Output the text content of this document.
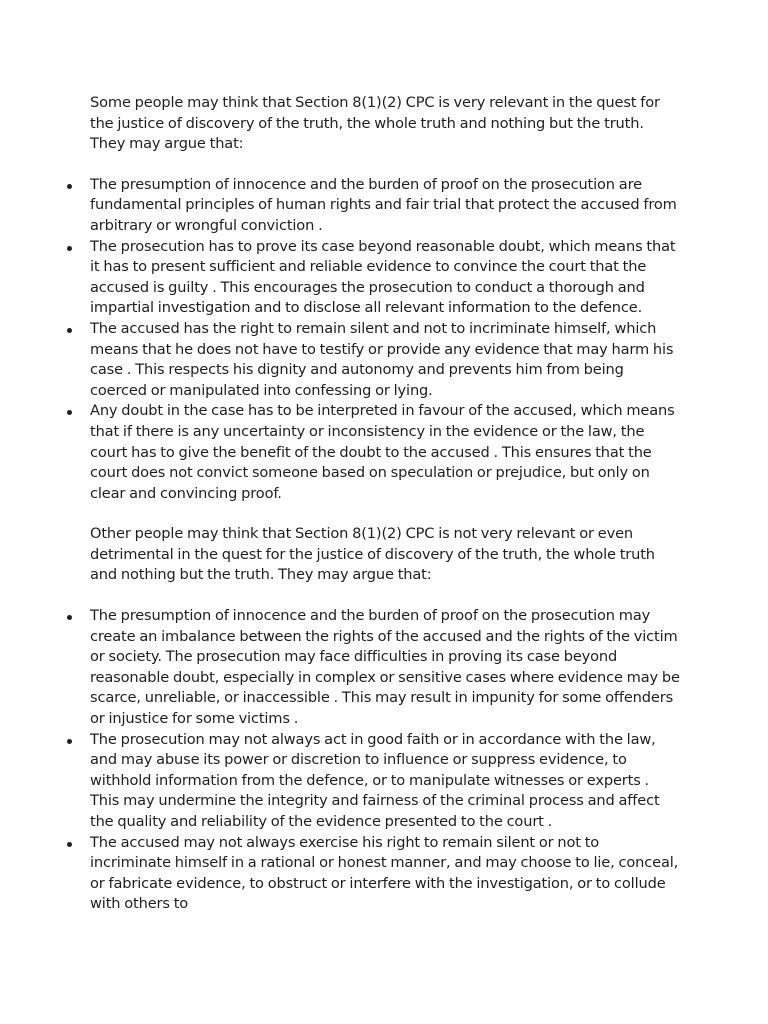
Some people may think that Section 8(1)(2) CPC is very relevant in the quest for the justice of discovery of the truth, the whole truth and nothing but the truth. They may argue that:

The presumption of innocence and the burden of proof on the prosecution are fundamental principles of human rights and fair trial that protect the accused from arbitrary or wrongful conviction .
The prosecution has to prove its case beyond reasonable doubt, which means that it has to present sufficient and reliable evidence to convince the court that the accused is guilty . This encourages the prosecution to conduct a thorough and impartial investigation and to disclose all relevant information to the defence.
The accused has the right to remain silent and not to incriminate himself, which means that he does not have to testify or provide any evidence that may harm his case . This respects his dignity and autonomy and prevents him from being coerced or manipulated into confessing or lying.
Any doubt in the case has to be interpreted in favour of the accused, which means that if there is any uncertainty or inconsistency in the evidence or the law, the court has to give the benefit of the doubt to the accused . This ensures that the court does not convict someone based on speculation or prejudice, but only on clear and convincing proof.

Other people may think that Section 8(1)(2) CPC is not very relevant or even detrimental in the quest for the justice of discovery of the truth, the whole truth and nothing but the truth. They may argue that:

The presumption of innocence and the burden of proof on the prosecution may create an imbalance between the rights of the accused and the rights of the victim or society. The prosecution may face difficulties in proving its case beyond reasonable doubt, especially in complex or sensitive cases where evidence may be scarce, unreliable, or inaccessible . This may result in impunity for some offenders or injustice for some victims .
The prosecution may not always act in good faith or in accordance with the law, and may abuse its power or discretion to influence or suppress evidence, to withhold information from the defence, or to manipulate witnesses or experts . This may undermine the integrity and fairness of the criminal process and affect the quality and reliability of the evidence presented to the court .
The accused may not always exercise his right to remain silent or not to incriminate himself in a rational or honest manner, and may choose to lie, conceal, or fabricate evidence, to obstruct or interfere with the investigation, or to collude with others to
